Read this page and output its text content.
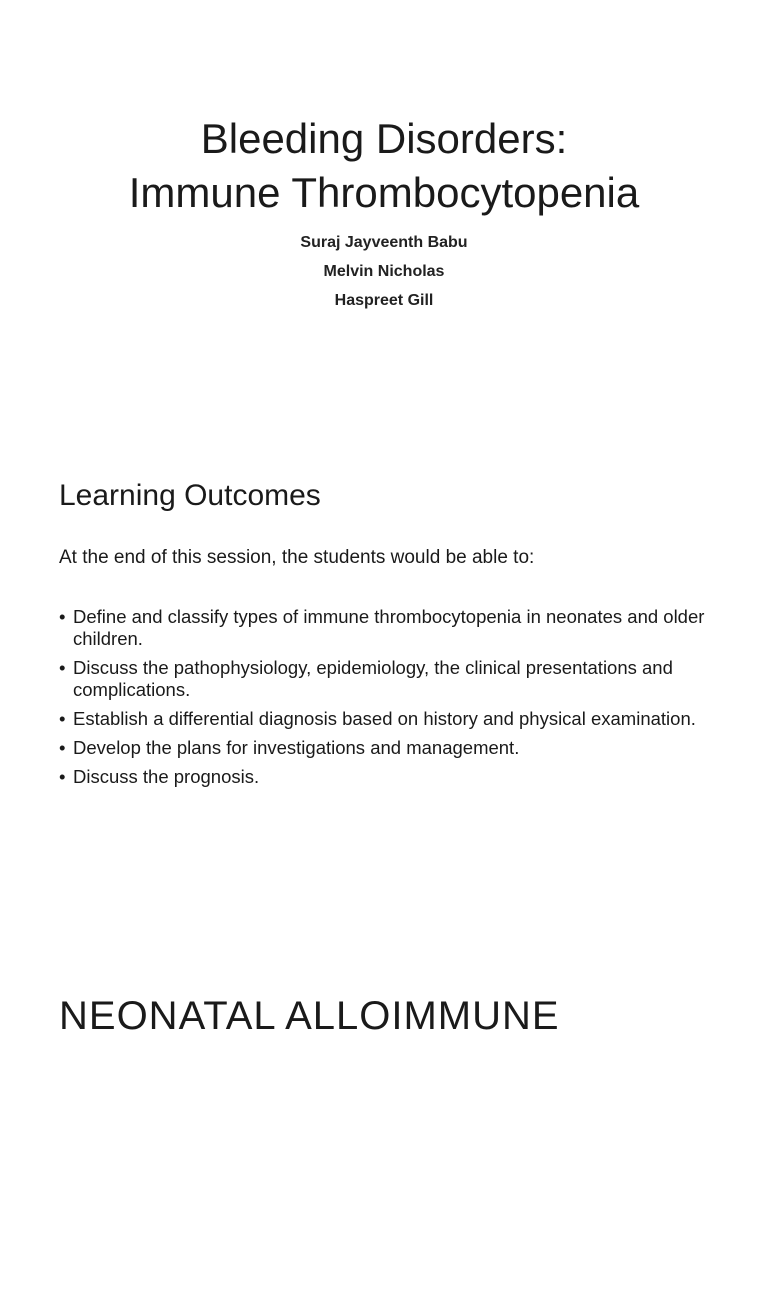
Bleeding Disorders:
Immune Thrombocytopenia
Suraj Jayveenth Babu
Melvin Nicholas
Haspreet Gill
Learning Outcomes

At the end of this session, the students would be able to:

• Define and classify types of immune thrombocytopenia in neonates and older children.
• Discuss the pathophysiology, epidemiology, the clinical presentations and complications.
• Establish a differential diagnosis based on history and physical examination.
• Develop the plans for investigations and management.
• Discuss the prognosis.
NEONATAL ALLOIMMUNE
